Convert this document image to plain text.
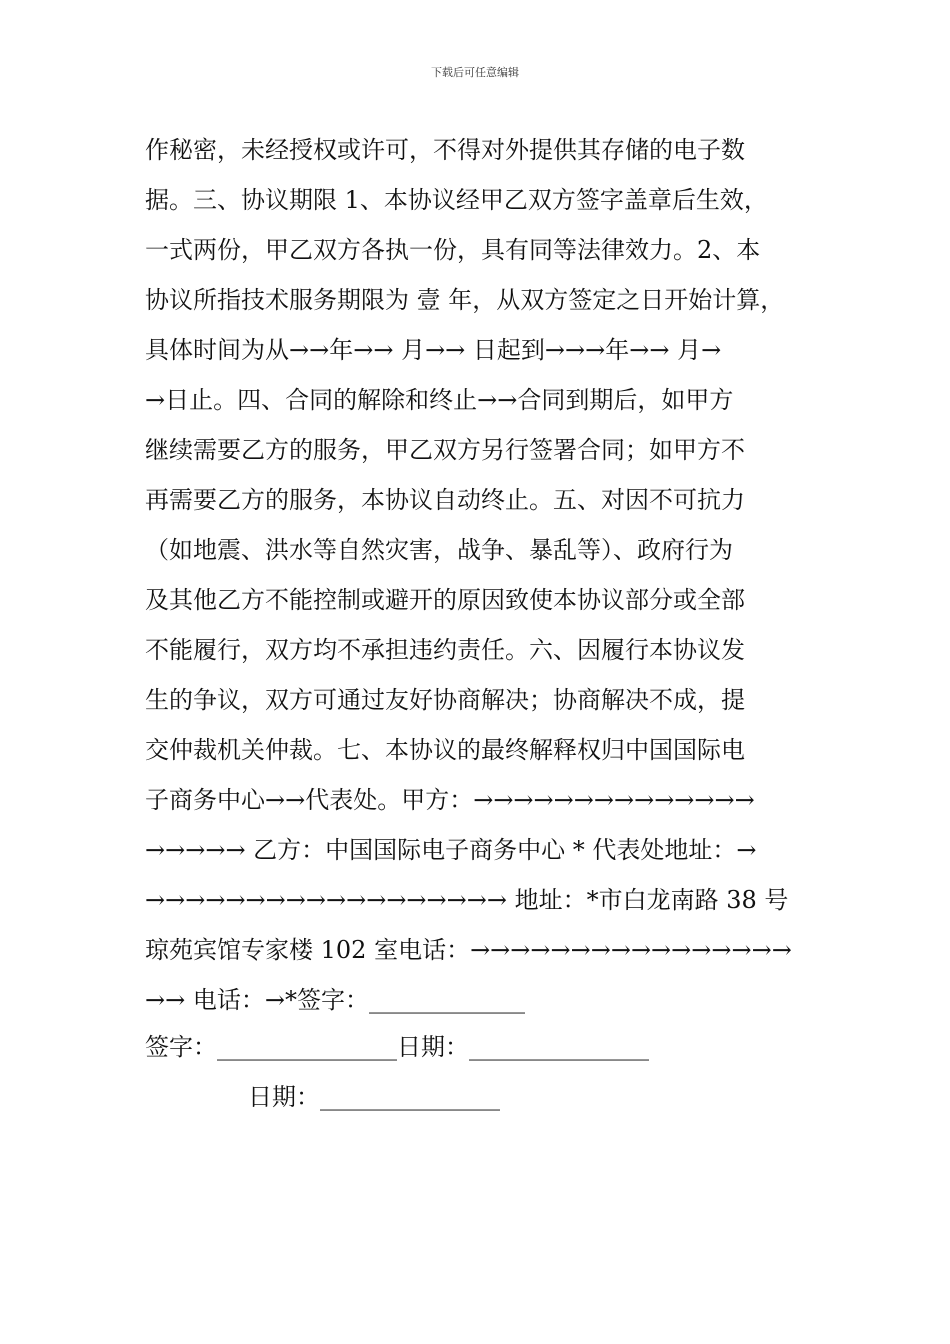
下载后可任意编辑
作秘密，未经授权或许可，不得对外提供其存储的电子数
据。三、协议期限 1、本协议经甲乙双方签字盖章后生效，
一式两份，甲乙双方各执一份，具有同等法律效力。2、本
协议所指技术服务期限为 壹 年，从双方签定之日开始计算，
具体时间为从→→年→→ 月→→ 日起到→→→年→→ 月→
→日止。四、合同的解除和终止→→合同到期后，如甲方
继续需要乙方的服务，甲乙双方另行签署合同；如甲方不
再需要乙方的服务，本协议自动终止。五、对因不可抗力
（如地震、洪水等自然灾害，战争、暴乱等）、政府行为
及其他乙方不能控制或避开的原因致使本协议部分或全部
不能履行，双方均不承担违约责任。六、因履行本协议发
生的争议，双方可通过友好协商解决；协商解决不成，提
交仲裁机关仲裁。七、本协议的最终解释权归中国国际电
子商务中心→→代表处。甲方：→→→→→→→→→→→→→→
→→→→→ 乙方：中国国际电子商务中心 * 代表处地址：→
→→→→→→→→→→→→→→→→→→ 地址：*市白龙南路 38 号
琼苑宾馆专家楼 102 室电话：→→→→→→→→→→→→→→→→
→→ 电话：→*签字：_____________
签字：_______________日期：_______________
日期：_______________
